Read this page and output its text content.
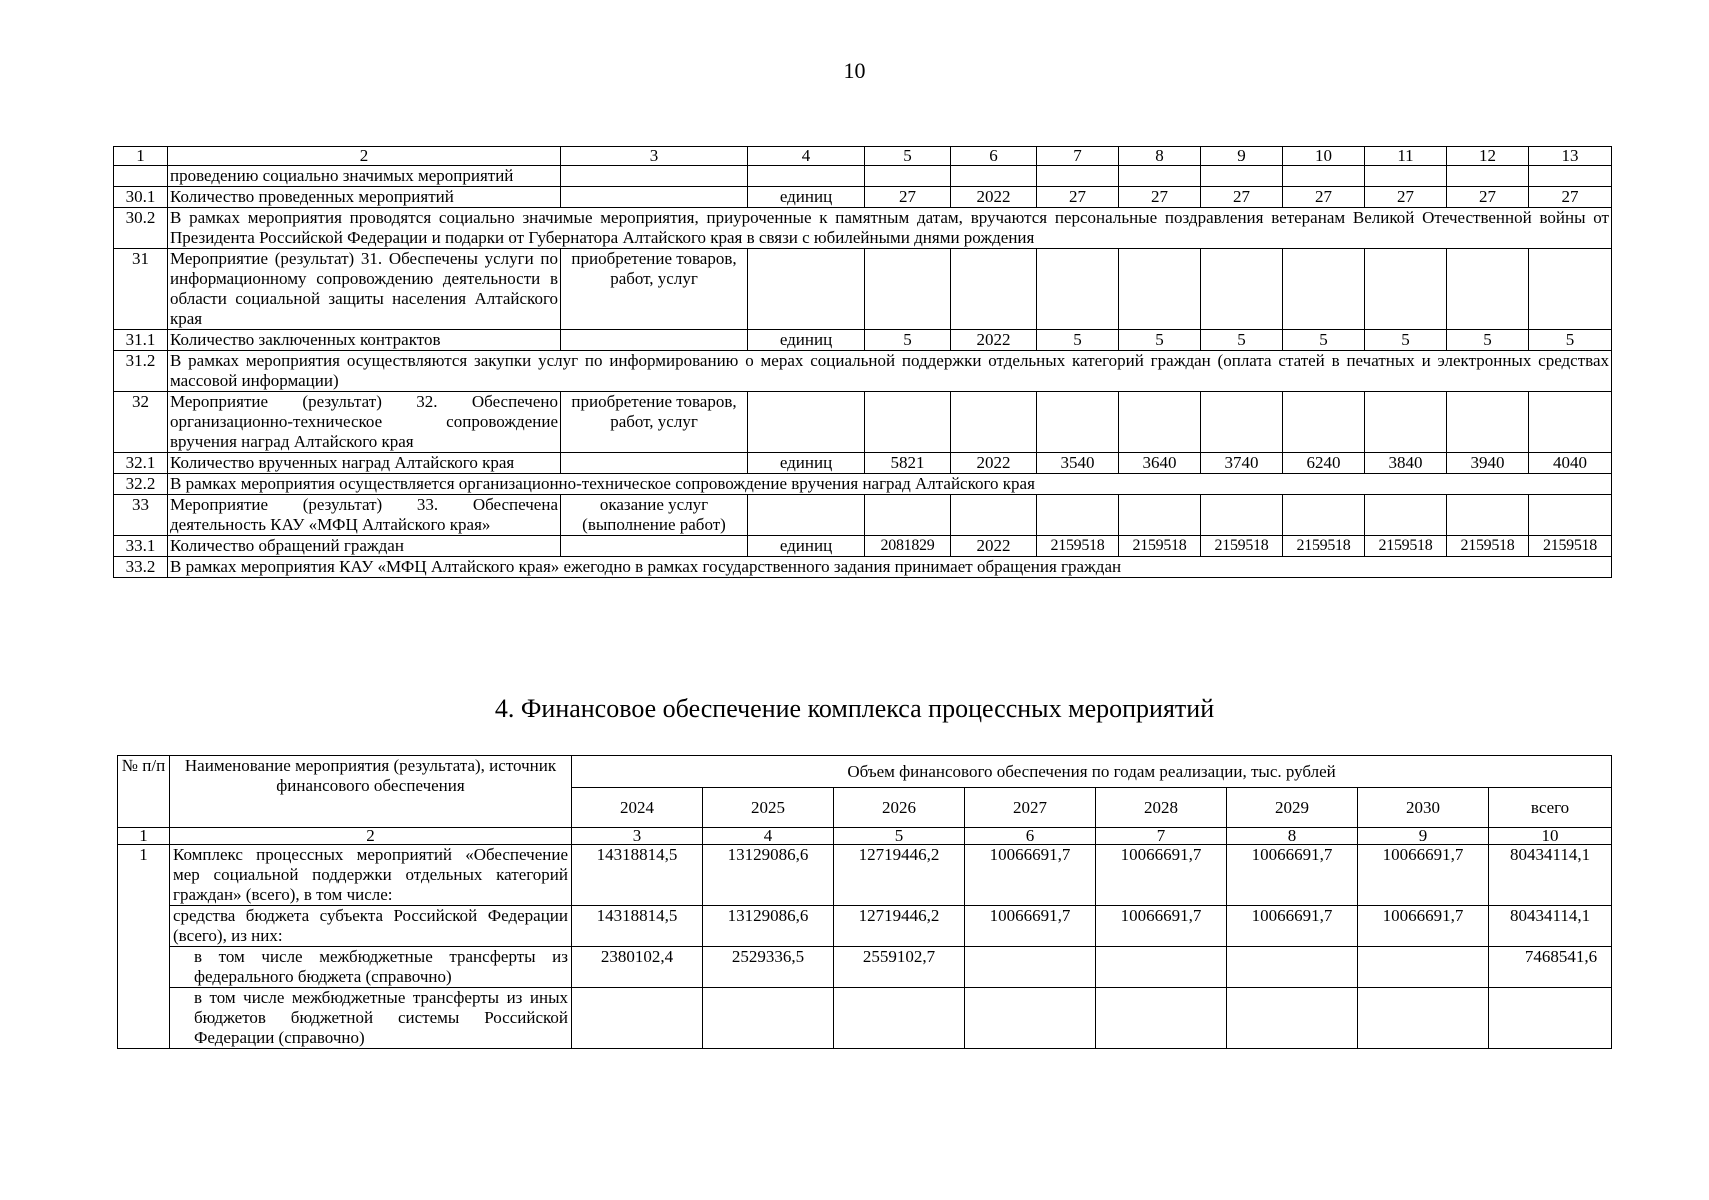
10
1	2	3	4	5	6	7	8	9	10	11	12	13
	проведению социально значимых мероприятий											
30.1	Количество проведенных мероприятий		единиц	27	2022	27	27	27	27	27	27	27
30.2	В рамках мероприятия проводятся социально значимые мероприятия, приуроченные к памятным датам, вручаются персональные поздравления ветеранам Великой Отечественной войны от Президента Российской Федерации и подарки от Губернатора Алтайского края в связи с юбилейными днями рождения											
31	Мероприятие (результат) 31. Обеспечены услуги по информационному сопровождению деятельности в области социальной защиты населения Алтайского края	приобретение товаров, работ, услуг										
31.1	Количество заключенных контрактов		единиц	5	2022	5	5	5	5	5	5	5
31.2	В рамках мероприятия осуществляются закупки услуг по информированию о мерах социальной поддержки отдельных категорий граждан (оплата статей в печатных и электронных средствах массовой информации)											
32	Мероприятие (результат) 32. Обеспечено организационно-техническое сопровождение вручения наград Алтайского края	приобретение товаров, работ, услуг										
32.1	Количество врученных наград Алтайского края		единиц	5821	2022	3540	3640	3740	6240	3840	3940	4040
32.2	В рамках мероприятия осуществляется организационно-техническое сопровождение вручения наград Алтайского края											
33	Мероприятие (результат) 33. Обеспечена деятельность КАУ «МФЦ Алтайского края»	оказание услуг (выполнение работ)										
33.1	Количество обращений граждан		единиц	2081829	2022	2159518	2159518	2159518	2159518	2159518	2159518	2159518
33.2	В рамках мероприятия КАУ «МФЦ Алтайского края» ежегодно в рамках государственного задания принимает обращения граждан											
4. Финансовое обеспечение комплекса процессных мероприятий
№ п/п	Наименование мероприятия (результата), источник финансового обеспечения	Объем финансового обеспечения по годам реализации, тыс. рублей							
		2024	2025	2026	2027	2028	2029	2030	всего
1	2	3	4	5	6	7	8	9	10
1	Комплекс процессных мероприятий «Обеспечение мер социальной поддержки отдельных категорий граждан» (всего), в том числе:	14318814,5	13129086,6	12719446,2	10066691,7	10066691,7	10066691,7	10066691,7	80434114,1
	средства бюджета субъекта Российской Федерации (всего), из них:	14318814,5	13129086,6	12719446,2	10066691,7	10066691,7	10066691,7	10066691,7	80434114,1
	в том числе межбюджетные трансферты из федерального бюджета (справочно)	2380102,4	2529336,5	2559102,7					7468541,6
	в том числе межбюджетные трансферты из иных бюджетов бюджетной системы Российской Федерации (справочно)								
